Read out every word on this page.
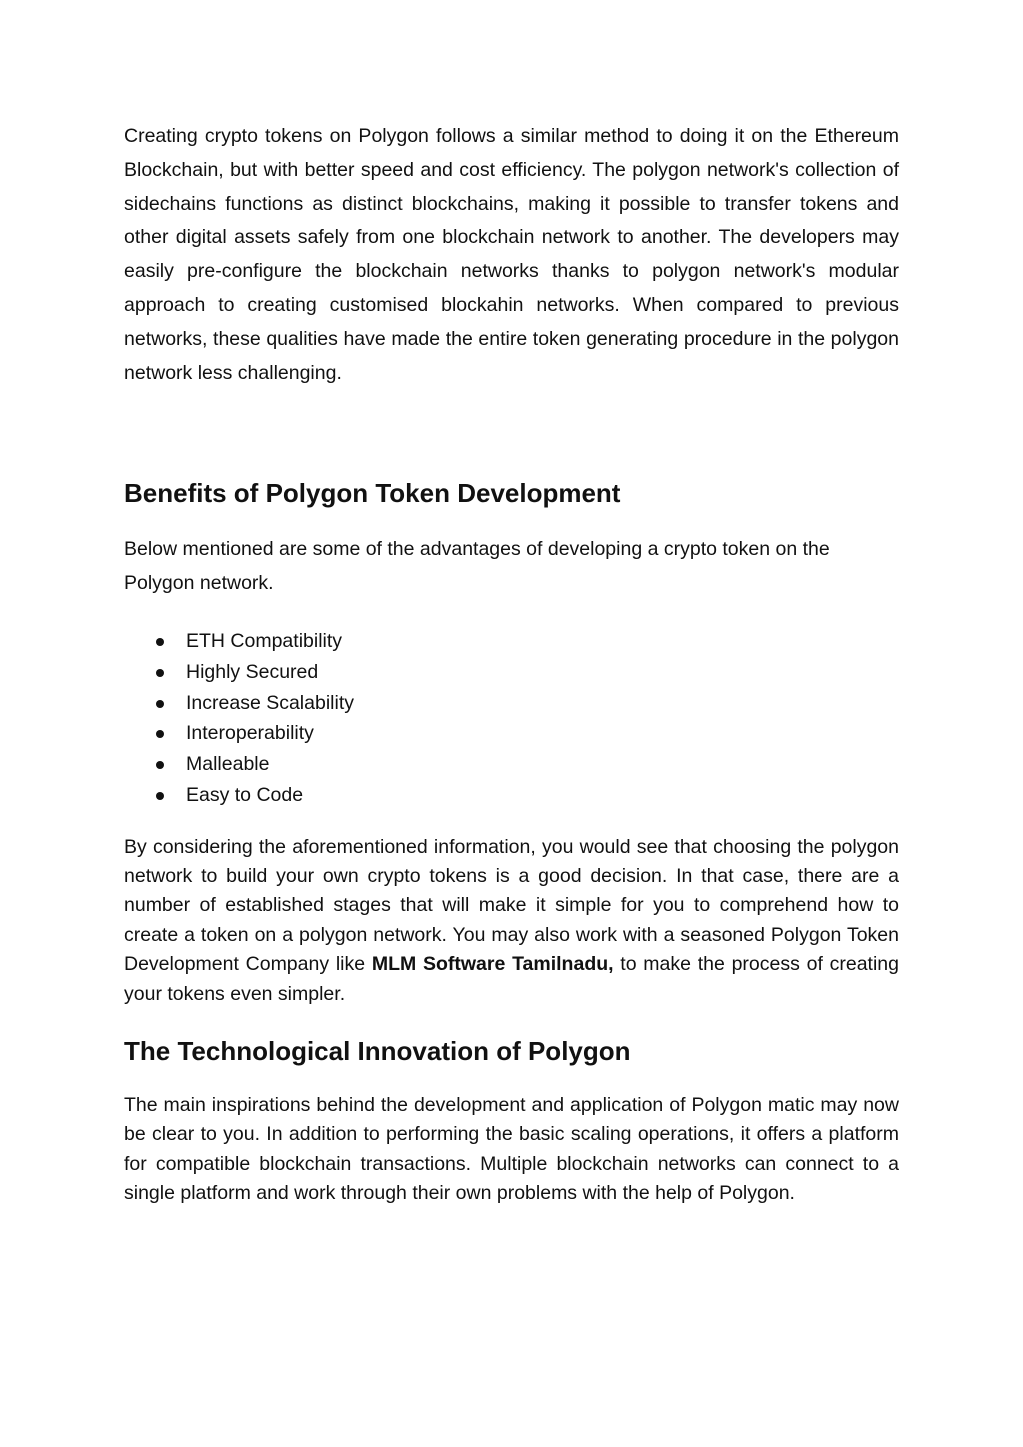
Creating crypto tokens on Polygon follows a similar method to doing it on the Ethereum Blockchain, but with better speed and cost efficiency. The polygon network's collection of sidechains functions as distinct blockchains, making it possible to transfer tokens and other digital assets safely from one blockchain network to another. The developers may easily pre-configure the blockchain networks thanks to polygon network's modular approach to creating customised blockahin networks. When compared to previous networks, these qualities have made the entire token generating procedure in the polygon network less challenging.

Benefits of Polygon Token Development

Below mentioned are some of the advantages of developing a crypto token on the Polygon network.

ETH Compatibility
Highly Secured
Increase Scalability
Interoperability
Malleable
Easy to Code

By considering the aforementioned information, you would see that choosing the polygon network to build your own crypto tokens is a good decision. In that case, there are a number of established stages that will make it simple for you to comprehend how to create a token on a polygon network. You may also work with a seasoned Polygon Token Development Company like MLM Software Tamilnadu, to make the process of creating your tokens even simpler.

The Technological Innovation of Polygon

The main inspirations behind the development and application of Polygon matic may now be clear to you. In addition to performing the basic scaling operations, it offers a platform for compatible blockchain transactions. Multiple blockchain networks can connect to a single platform and work through their own problems with the help of Polygon.
